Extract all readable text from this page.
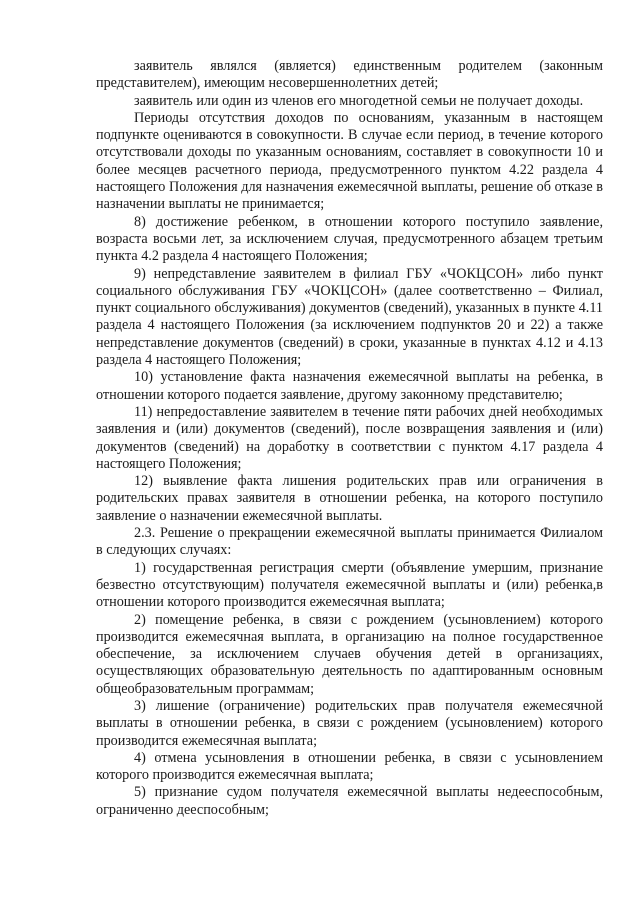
заявитель являлся (является) единственным родителем (законным представителем), имеющим несовершеннолетних детей;

заявитель или один из членов его многодетной семьи не получает доходы.

Периоды отсутствия доходов по основаниям, указанным в настоящем подпункте оцениваются в совокупности. В случае если период, в течение которого отсутствовали доходы по указанным основаниям, составляет в совокупности 10 и более месяцев расчетного периода, предусмотренного пунктом 4.22 раздела 4 настоящего Положения для назначения ежемесячной выплаты, решение об отказе в назначении выплаты не принимается;

8) достижение ребенком, в отношении которого поступило заявление, возраста восьми лет, за исключением случая, предусмотренного абзацем третьим пункта 4.2 раздела 4 настоящего Положения;

9) непредставление заявителем в филиал ГБУ «ЧОКЦСОН» либо пункт социального обслуживания ГБУ «ЧОКЦСОН» (далее соответственно – Филиал, пункт социального обслуживания) документов (сведений), указанных в пункте 4.11 раздела 4 настоящего Положения (за исключением подпунктов 20 и 22) а также непредставление документов (сведений) в сроки, указанные в пунктах 4.12 и 4.13 раздела 4 настоящего Положения;

10) установление факта назначения ежемесячной выплаты на ребенка, в отношении которого подается заявление, другому законному представителю;

11) непредоставление заявителем в течение пяти рабочих дней необходимых заявления и (или) документов (сведений), после возвращения заявления и (или) документов (сведений) на доработку в соответствии с пунктом 4.17 раздела 4 настоящего Положения;

12) выявление факта лишения родительских прав или ограничения в родительских правах заявителя в отношении ребенка, на которого поступило заявление о назначении ежемесячной выплаты.

2.3. Решение о прекращении ежемесячной выплаты принимается Филиалом в следующих случаях:

1) государственная регистрация смерти (объявление умершим, признание безвестно отсутствующим) получателя ежемесячной выплаты и (или) ребенка,в отношении которого производится ежемесячная выплата;

2) помещение ребенка, в связи с рождением (усыновлением) которого производится ежемесячная выплата, в организацию на полное государственное обеспечение, за исключением случаев обучения детей в организациях, осуществляющих образовательную деятельность по адаптированным основным общеобразовательным программам;

3) лишение (ограничение) родительских прав получателя ежемесячной выплаты в отношении ребенка, в связи с рождением (усыновлением) которого производится ежемесячная выплата;

4) отмена усыновления в отношении ребенка, в связи с усыновлением которого производится ежемесячная выплата;

5) признание судом получателя ежемесячной выплаты недееспособным, ограниченно дееспособным;
